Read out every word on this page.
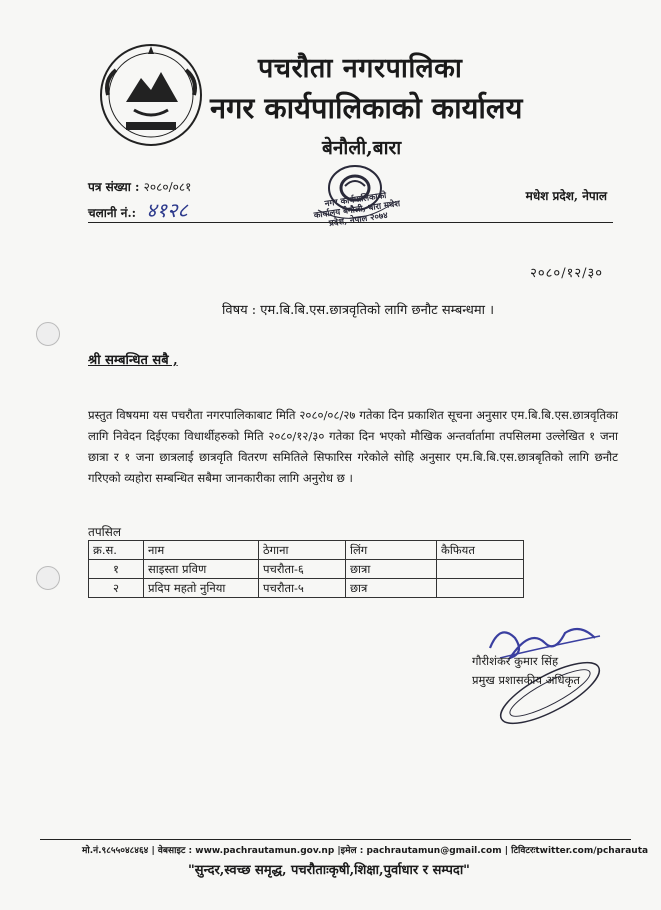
पचरौता नगरपालिका
नगर कार्यपालिकाको कार्यालय
बेनौली,बारा
नगर कार्यपालिकाको कार्यालय बेनौली, बारा मधेश प्रदेश, नेपाल २०७४
पत्र संख्या : २०८०/०८१
चलानी नं.: ४१२८
मधेश प्रदेश, नेपाल
२०८०/१२/३०
विषय : एम.बि.बि.एस.छात्रवृतिको लागि छनौट सम्बन्धमा ।
श्री सम्बन्धित सबै ,
प्रस्तुत विषयमा यस पचरौता नगरपालिकाबाट मिति २०८०/०८/२७ गतेका दिन प्रकाशित सूचना अनुसार एम.बि.बि.एस.छात्रवृतिका लागि निवेदन दिईएका विधार्थीहरुको मिति २०८०/१२/३० गतेका दिन भएको मौखिक अन्तर्वार्तामा तपसिलमा उल्लेखित १ जना छात्रा र १ जना छात्रलाई छात्रवृति वितरण समितिले सिफारिस गरेकोले सोहि अनुसार एम.बि.बि.एस.छात्रबृतिको लागि छनौट गरिएको व्यहोरा सम्बन्धित सबैमा जानकारीका लागि अनुरोध छ ।
तपसिल
क्र.स.	नाम	ठेगाना	लिंग	कैफियत
१	साइस्ता प्रविण	पचरौता-६	छात्रा	
२	प्रदिप महतो नुनिया	पचरौता-५	छात्र	
गौरीशंकर कुमार सिंह
प्रमुख प्रशासकीय अधिकृत
मो.नं.९८५५०४८४६४ | वेबसाइट : www.pachrautamun.gov.np |इमेल : pachrautamun@gmail.com | टिविटरःtwitter.com/pcharauta
"सुन्दर,स्वच्छ समृद्ध, पचरौताःकृषी,शिक्षा,पुर्वाधार र सम्पदा"
